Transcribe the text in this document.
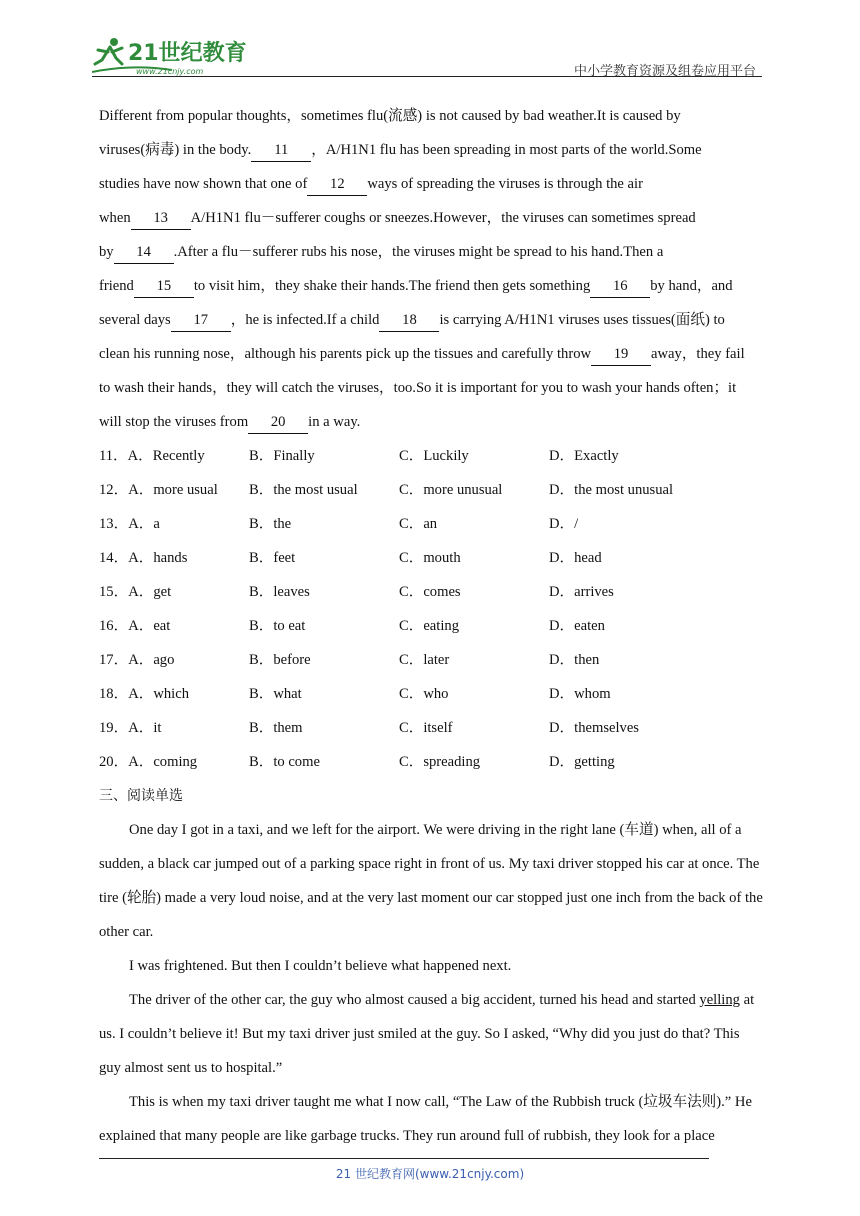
21世纪教育
www.21cnjy.com	中小学教育资源及组卷应用平台
Different from popular thoughts，sometimes flu(流感) is not caused by bad weather.It is caused by
viruses(病毒) in the body. 11 ，A/H1N1 flu has been spreading in most parts of the world.Some
studies have now shown that one of 12 ways of spreading the viruses is through the air
when 13 A/H1N1 flu－sufferer coughs or sneezes.However，the viruses can sometimes spread
by 14 .After a flu－sufferer rubs his nose，the viruses might be spread to his hand.Then a
friend 15 to visit him，they shake their hands.The friend then gets something 16 by hand，and
several days 17 ，he is infected.If a child 18 is carrying A/H1N1 viruses uses tissues(面纸) to
clean his running nose，although his parents pick up the tissues and carefully throw 19 away，they fail
to wash their hands，they will catch the viruses，too.So it is important for you to wash your hands often；it
will stop the viruses from 20 in a way.
11．A．Recently	B．Finally	C．Luckily	D．Exactly
12．A．more usual B．the most usual	C．more unusual	D．the most unusual
13．A．a	B．the	C．an	D．/
14．A．hands	B．feet	C．mouth	D．head
15．A．get	B．leaves	C．comes	D．arrives
16．A．eat	B．to eat	C．eating	D．eaten
17．A．ago	B．before	C．later	D．then
18．A．which	B．what	C．who	D．whom
19．A．it	B．them	C．itself	D．themselves
20．A．coming	B．to come	C．spreading	D．getting
三、阅读单选
One day I got in a taxi, and we left for the airport. We were driving in the right lane (车道) when, all of a sudden, a black car jumped out of a parking space right in front of us. My taxi driver stopped his car at once. The tire (轮胎) made a very loud noise, and at the very last moment our car stopped just one inch from the back of the other car.
I was frightened. But then I couldn’t believe what happened next.
The driver of the other car, the guy who almost caused a big accident, turned his head and started yelling at us. I couldn’t believe it! But my taxi driver just smiled at the guy. So I asked, “Why did you just do that? This guy almost sent us to hospital.”
This is when my taxi driver taught me what I now call, “The Law of the Rubbish truck (垃圾车法则).” He explained that many people are like garbage trucks. They run around full of rubbish, they look for a place
21 世纪教育网(www.21cnjy.com)
